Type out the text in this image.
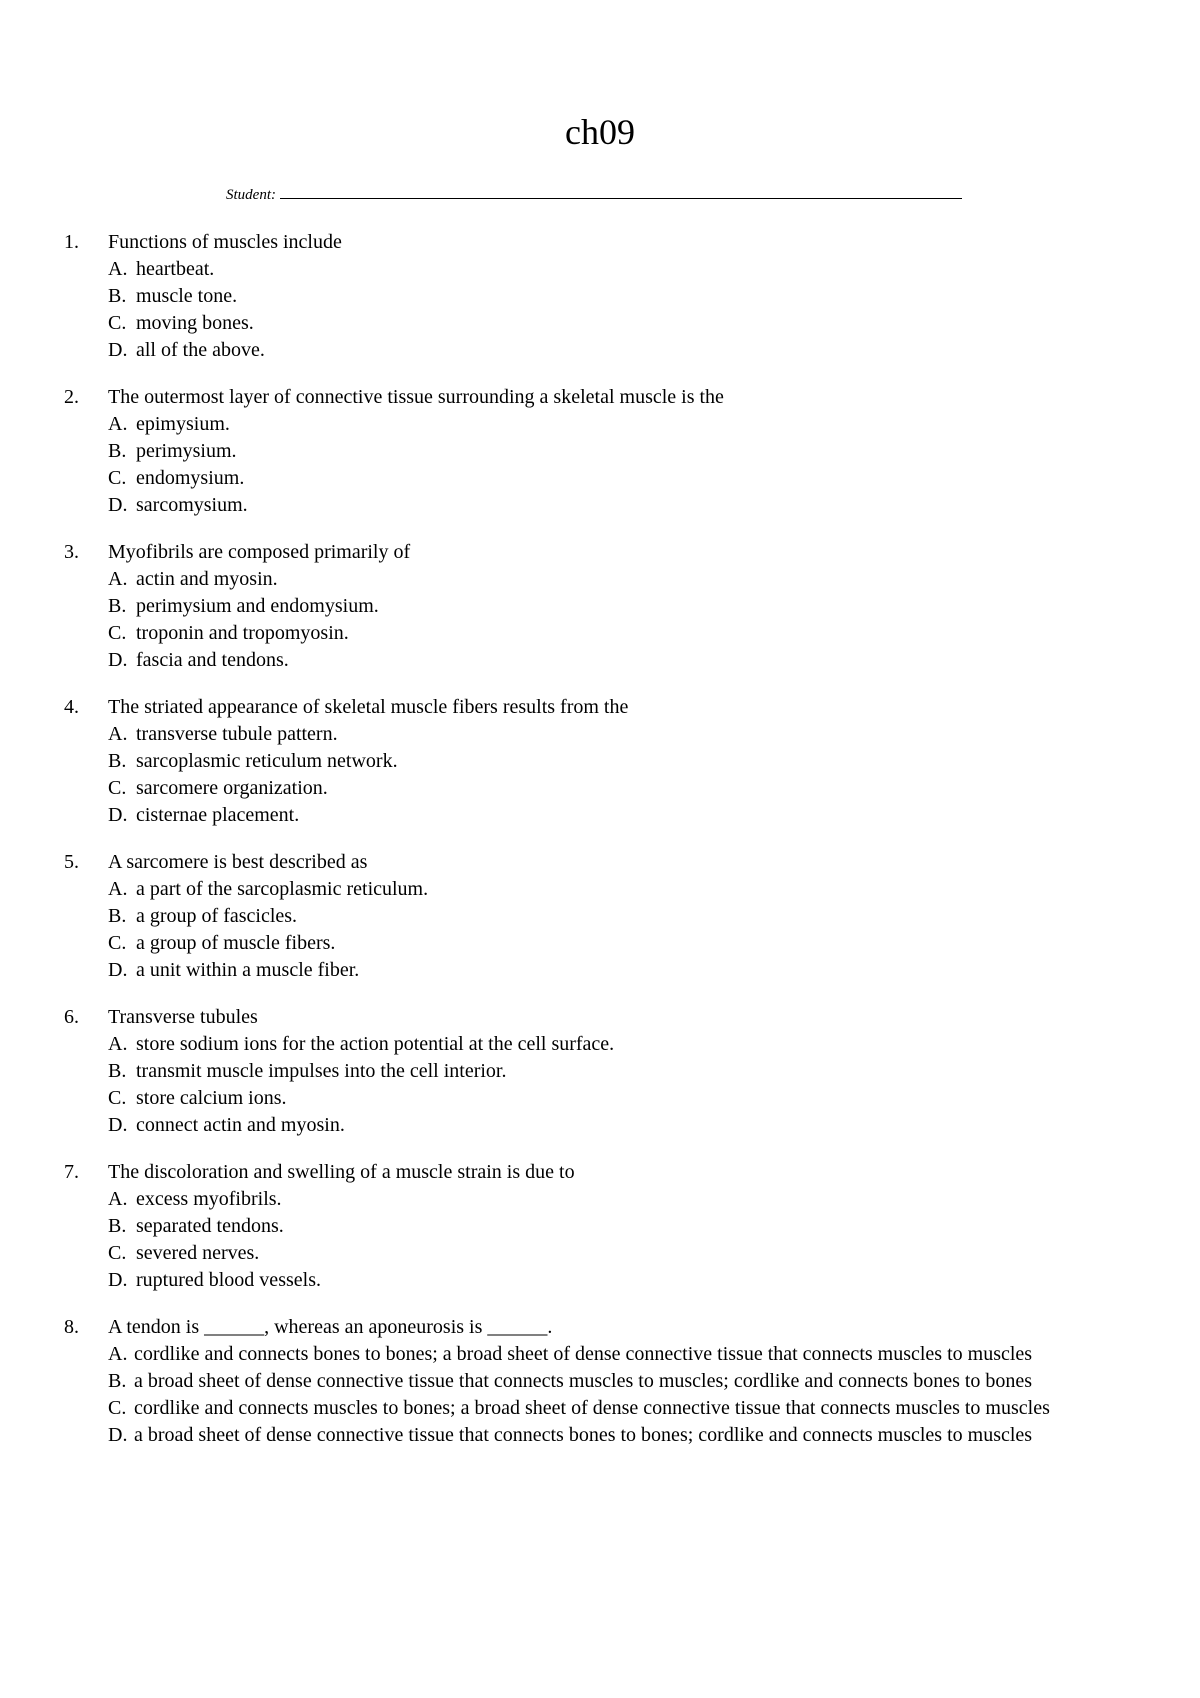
ch09
Student:
1.	Functions of muscles include
A. heartbeat.
B. muscle tone.
C. moving bones.
D. all of the above.
2.	The outermost layer of connective tissue surrounding a skeletal muscle is the
A. epimysium.
B. perimysium.
C. endomysium.
D. sarcomysium.
3.	Myofibrils are composed primarily of
A. actin and myosin.
B. perimysium and endomysium.
C. troponin and tropomyosin.
D. fascia and tendons.
4.	The striated appearance of skeletal muscle fibers results from the
A. transverse tubule pattern.
B. sarcoplasmic reticulum network.
C. sarcomere organization.
D. cisternae placement.
5.	A sarcomere is best described as
A. a part of the sarcoplasmic reticulum.
B. a group of fascicles.
C. a group of muscle fibers.
D. a unit within a muscle fiber.
6.	Transverse tubules
A. store sodium ions for the action potential at the cell surface.
B. transmit muscle impulses into the cell interior.
C. store calcium ions.
D. connect actin and myosin.
7.	The discoloration and swelling of a muscle strain is due to
A. excess myofibrils.
B. separated tendons.
C. severed nerves.
D. ruptured blood vessels.
8.	A tendon is ______, whereas an aponeurosis is ______.
A. cordlike and connects bones to bones; a broad sheet of dense connective tissue that connects muscles to muscles
B. a broad sheet of dense connective tissue that connects muscles to muscles; cordlike and connects bones to bones
C. cordlike and connects muscles to bones; a broad sheet of dense connective tissue that connects muscles to muscles
D. a broad sheet of dense connective tissue that connects bones to bones; cordlike and connects muscles to muscles
